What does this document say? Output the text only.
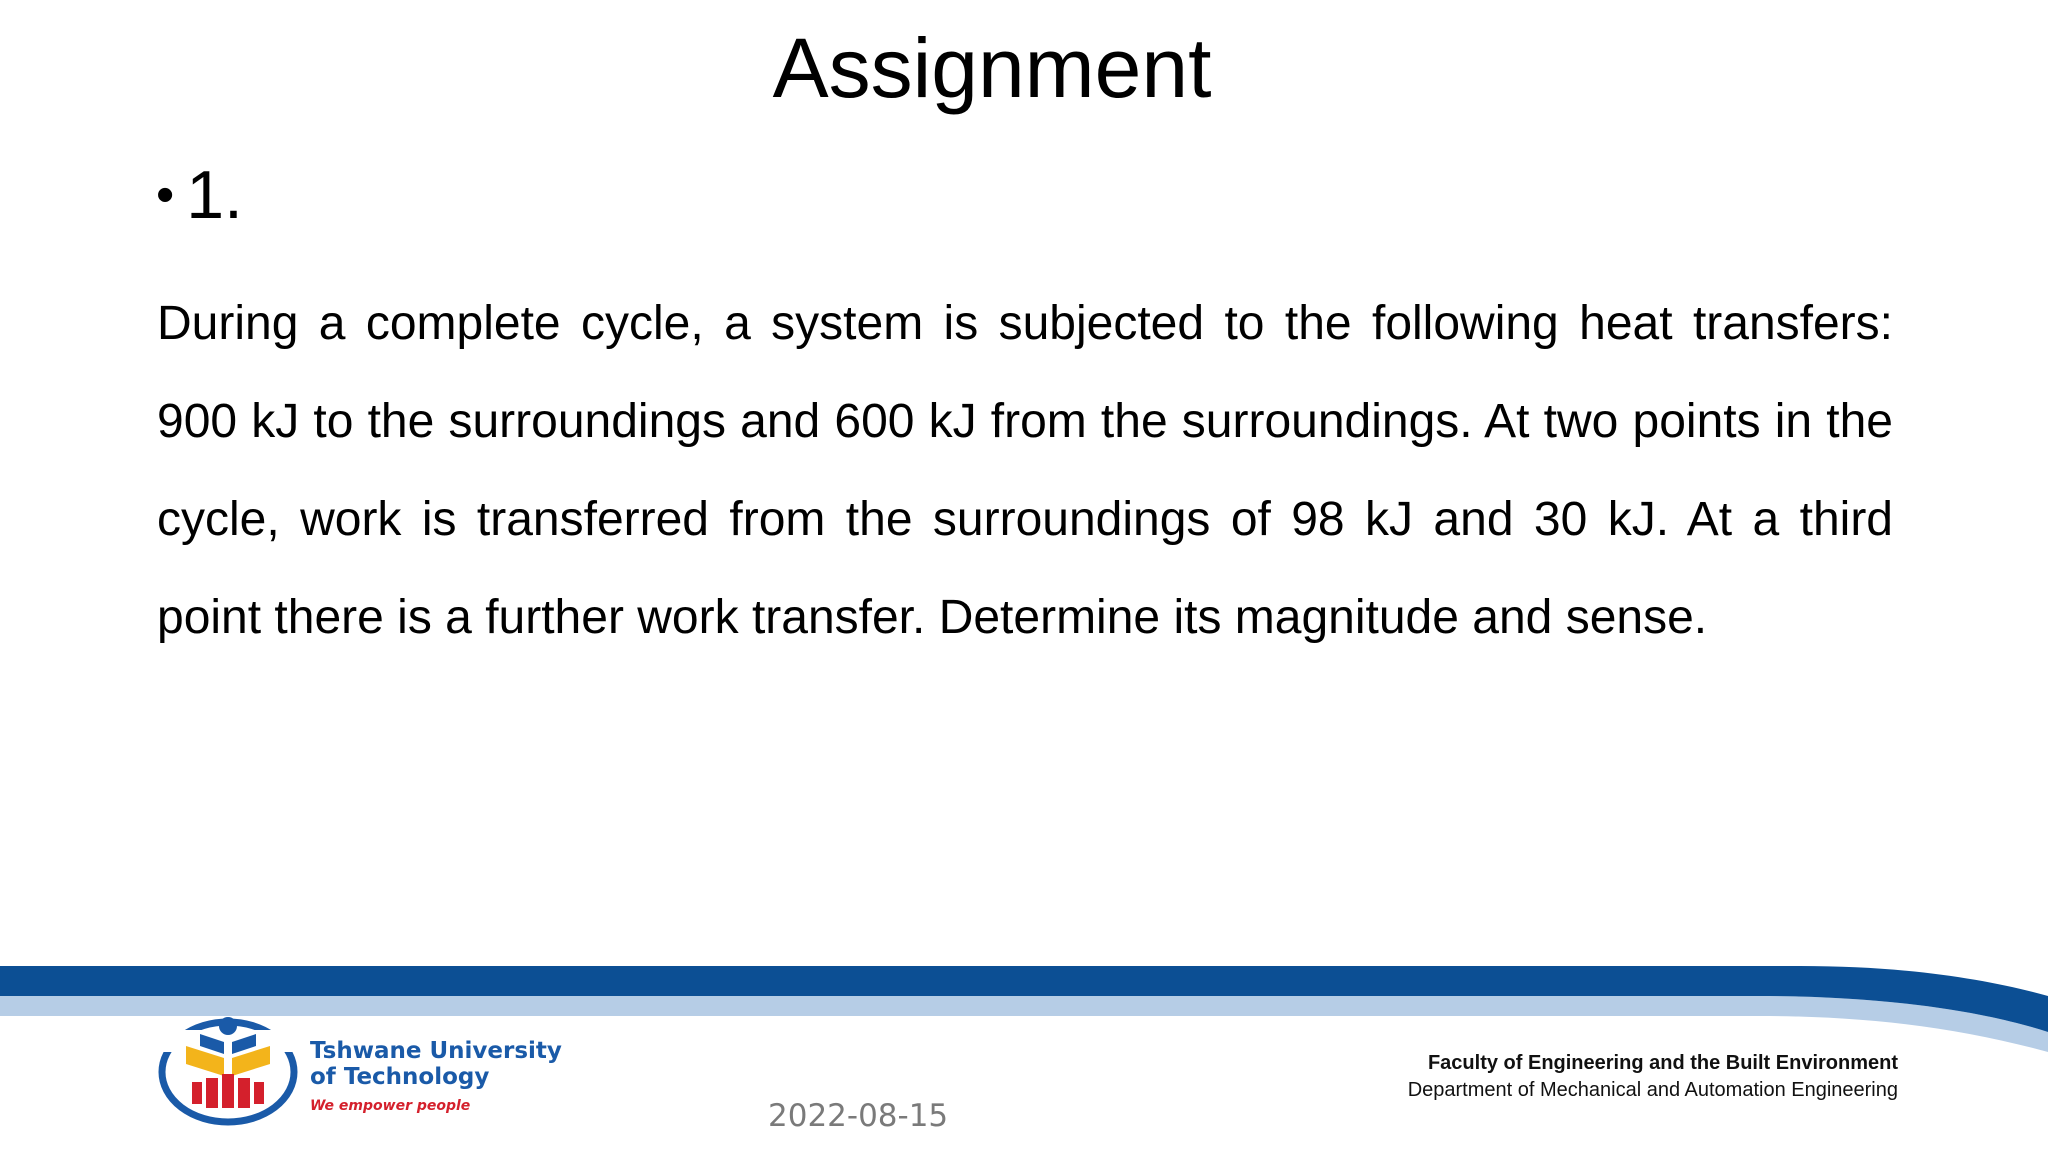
Assignment
• 1.

During a complete cycle, a system is subjected to the following heat transfers: 900 kJ to the surroundings and 600 kJ from the surroundings. At two points in the cycle, work is transferred from the surroundings of 98 kJ and 30 kJ. At a third point there is a further work transfer. Determine its magnitude and sense.

Tshwane University
of Technology
We empower people	2022-08-15
Faculty of Engineering and the Built Environment
Department of Mechanical and Automation Engineering
